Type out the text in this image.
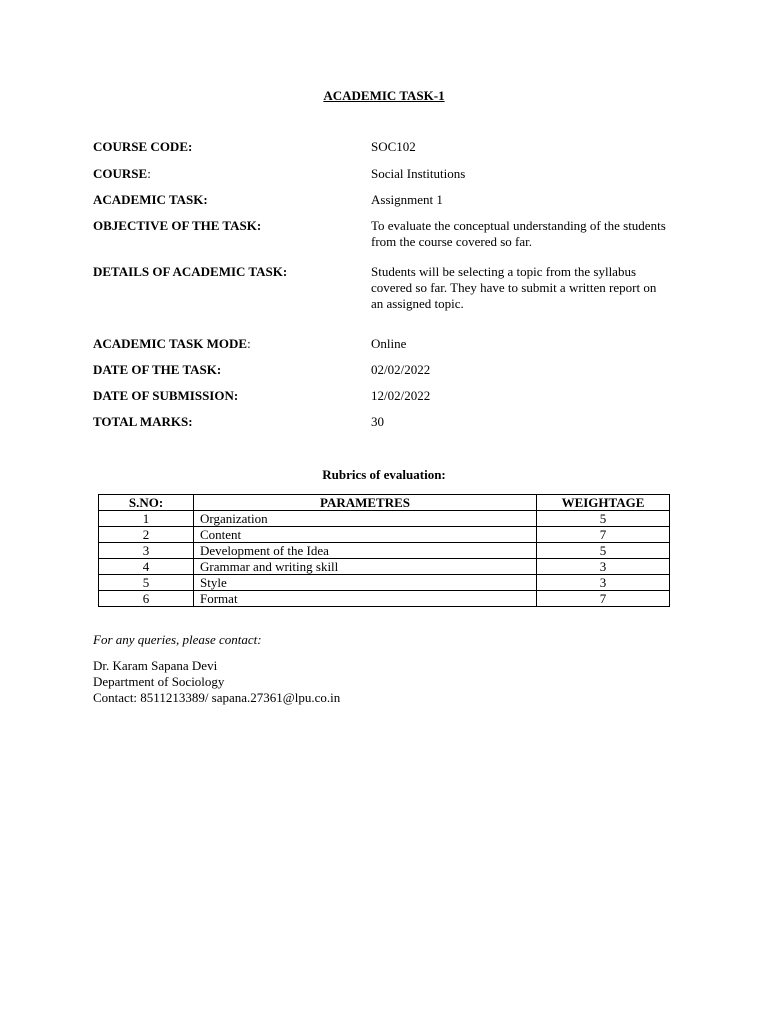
ACADEMIC TASK-1
COURSE CODE:	SOC102
COURSE:	Social Institutions
ACADEMIC TASK:	Assignment 1
OBJECTIVE OF THE TASK:	To evaluate the conceptual understanding of the students from the course covered so far.
DETAILS OF ACADEMIC TASK:	Students will be selecting a topic from the syllabus covered so far. They have to submit a written report on an assigned topic.
ACADEMIC TASK MODE:	Online
DATE OF THE TASK:	02/02/2022
DATE OF SUBMISSION:	12/02/2022
TOTAL MARKS:	30
Rubrics of evaluation:
S.NO:	PARAMETRES	WEIGHTAGE
1	Organization	5
2	Content	7
3	Development of the Idea	5
4	Grammar and writing skill	3
5	Style	3
6	Format	7
For any queries, please contact:
Dr. Karam Sapana Devi
Department of Sociology
Contact: 8511213389/ sapana.27361@lpu.co.in
